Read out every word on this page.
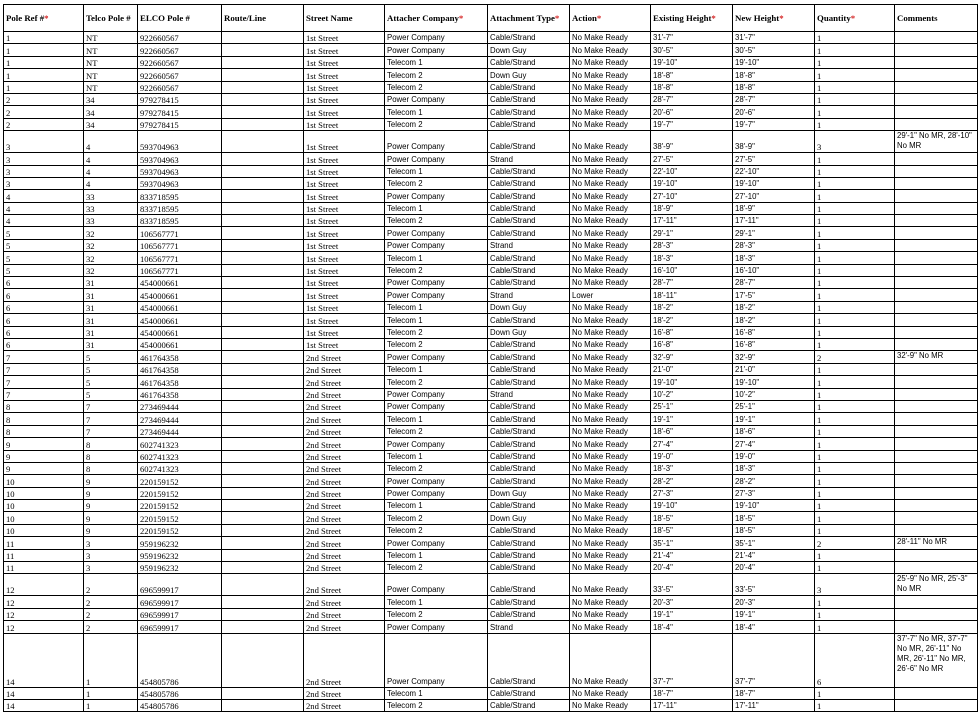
Pole Ref #*	Telco Pole #	ELCO Pole #	Route/Line	Street Name	Attacher Company*	Attachment Type*	Action*	Existing Height*	New Height*	Quantity*	Comments
1	NT	922660567		1st Street	Power Company	Cable/Strand	No Make Ready	31'-7"	31'-7"	1	
1	NT	922660567		1st Street	Power Company	Down Guy	No Make Ready	30'-5"	30'-5"	1	
1	NT	922660567		1st Street	Telecom 1	Cable/Strand	No Make Ready	19'-10"	19'-10"	1	
1	NT	922660567		1st Street	Telecom 2	Down Guy	No Make Ready	18'-8"	18'-8"	1	
1	NT	922660567		1st Street	Telecom 2	Cable/Strand	No Make Ready	18'-8"	18'-8"	1	
2	34	979278415		1st Street	Power Company	Cable/Strand	No Make Ready	28'-7"	28'-7"	1	
2	34	979278415		1st Street	Telecom 1	Cable/Strand	No Make Ready	20'-6"	20'-6"	1	
2	34	979278415		1st Street	Telecom 2	Cable/Strand	No Make Ready	19'-7"	19'-7"	1	
3	4	593704963		1st Street	Power Company	Cable/Strand	No Make Ready	38'-9"	38'-9"	3	29'-1" No MR, 28'-10" No MR
3	4	593704963		1st Street	Power Company	Strand	No Make Ready	27'-5"	27'-5"	1	
3	4	593704963		1st Street	Telecom 1	Cable/Strand	No Make Ready	22'-10"	22'-10"	1	
3	4	593704963		1st Street	Telecom 2	Cable/Strand	No Make Ready	19'-10"	19'-10"	1	
4	33	833718595		1st Street	Power Company	Cable/Strand	No Make Ready	27'-10"	27'-10"	1	
4	33	833718595		1st Street	Telecom 1	Cable/Strand	No Make Ready	18'-9"	18'-9"	1	
4	33	833718595		1st Street	Telecom 2	Cable/Strand	No Make Ready	17'-11"	17'-11"	1	
5	32	106567771		1st Street	Power Company	Cable/Strand	No Make Ready	29'-1"	29'-1"	1	
5	32	106567771		1st Street	Power Company	Strand	No Make Ready	28'-3"	28'-3"	1	
5	32	106567771		1st Street	Telecom 1	Cable/Strand	No Make Ready	18'-3"	18'-3"	1	
5	32	106567771		1st Street	Telecom 2	Cable/Strand	No Make Ready	16'-10"	16'-10"	1	
6	31	454000661		1st Street	Power Company	Cable/Strand	No Make Ready	28'-7"	28'-7"	1	
6	31	454000661		1st Street	Power Company	Strand	Lower	18'-11"	17'-5"	1	
6	31	454000661		1st Street	Telecom 1	Down Guy	No Make Ready	18'-2"	18'-2"	1	
6	31	454000661		1st Street	Telecom 1	Cable/Strand	No Make Ready	18'-2"	18'-2"	1	
6	31	454000661		1st Street	Telecom 2	Down Guy	No Make Ready	16'-8"	16'-8"	1	
6	31	454000661		1st Street	Telecom 2	Cable/Strand	No Make Ready	16'-8"	16'-8"	1	
7	5	461764358		2nd Street	Power Company	Cable/Strand	No Make Ready	32'-9"	32'-9"	2	32'-9" No MR
7	5	461764358		2nd Street	Telecom 1	Cable/Strand	No Make Ready	21'-0"	21'-0"	1	
7	5	461764358		2nd Street	Telecom 2	Cable/Strand	No Make Ready	19'-10"	19'-10"	1	
7	5	461764358		2nd Street	Power Company	Strand	No Make Ready	10'-2"	10'-2"	1	
8	7	273469444		2nd Street	Power Company	Cable/Strand	No Make Ready	25'-1"	25'-1"	1	
8	7	273469444		2nd Street	Telecom 1	Cable/Strand	No Make Ready	19'-1"	19'-1"	1	
8	7	273469444		2nd Street	Telecom 2	Cable/Strand	No Make Ready	18'-6"	18'-6"	1	
9	8	602741323		2nd Street	Power Company	Cable/Strand	No Make Ready	27'-4"	27'-4"	1	
9	8	602741323		2nd Street	Telecom 1	Cable/Strand	No Make Ready	19'-0"	19'-0"	1	
9	8	602741323		2nd Street	Telecom 2	Cable/Strand	No Make Ready	18'-3"	18'-3"	1	
10	9	220159152		2nd Street	Power Company	Cable/Strand	No Make Ready	28'-2"	28'-2"	1	
10	9	220159152		2nd Street	Power Company	Down Guy	No Make Ready	27'-3"	27'-3"	1	
10	9	220159152		2nd Street	Telecom 1	Cable/Strand	No Make Ready	19'-10"	19'-10"	1	
10	9	220159152		2nd Street	Telecom 2	Down Guy	No Make Ready	18'-5"	18'-5"	1	
10	9	220159152		2nd Street	Telecom 2	Cable/Strand	No Make Ready	18'-5"	18'-5"	1	
11	3	959196232		2nd Street	Power Company	Cable/Strand	No Make Ready	35'-1"	35'-1"	2	28'-11" No MR
11	3	959196232		2nd Street	Telecom 1	Cable/Strand	No Make Ready	21'-4"	21'-4"	1	
11	3	959196232		2nd Street	Telecom 2	Cable/Strand	No Make Ready	20'-4"	20'-4"	1	
12	2	696599917		2nd Street	Power Company	Cable/Strand	No Make Ready	33'-5"	33'-5"	3	25'-9" No MR, 25'-3" No MR
12	2	696599917		2nd Street	Telecom 1	Cable/Strand	No Make Ready	20'-3"	20'-3"	1	
12	2	696599917		2nd Street	Telecom 2	Cable/Strand	No Make Ready	19'-1"	19'-1"	1	
12	2	696599917		2nd Street	Power Company	Strand	No Make Ready	18'-4"	18'-4"	1	
14	1	454805786		2nd Street	Power Company	Cable/Strand	No Make Ready	37'-7"	37'-7"	6	37'-7" No MR, 37'-7" No MR, 26'-11" No MR, 26'-11" No MR, 26'-6" No MR
14	1	454805786		2nd Street	Telecom 1	Cable/Strand	No Make Ready	18'-7"	18'-7"	1	
14	1	454805786		2nd Street	Telecom 2	Cable/Strand	No Make Ready	17'-11"	17'-11"	1	
